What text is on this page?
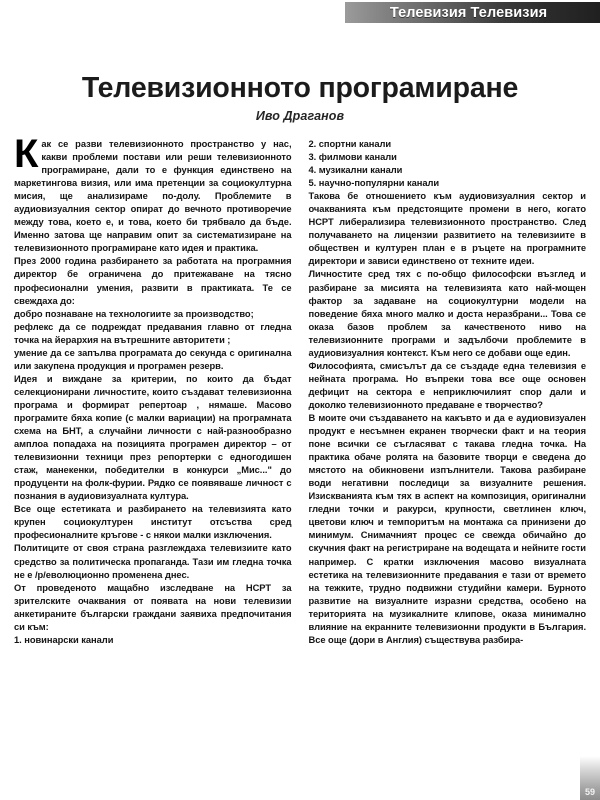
Телевизия Телевизия
Телевизионното програмиране
Иво Драганов

Как се разви телевизионното пространство у нас, какви проблеми постави или реши телевизионното програмиране, дали то е функция единствено на маркетингова визия, или има претенции за социокултурна мисия, ще анализираме по-долу. Проблемите в аудиовизуалния сектор опират до вечното противоречие между това, което е, и това, което би трябвало да бъде. Именно затова ще направим опит за систематизиране на телевизионното програмиране като идея и практика.

През 2000 година разбирането за работата на програмния директор бе ограничена до притежаване на тясно професионални умения, развити в практиката. Те се свеждаха до:

добро познаване на технологиите за производство;

рефлекс да се подреждат предавания главно от гледна точка на йерархия на вътрешните авторитети ;

умение да се запълва програмата до секунда с оригинална или закупена продукция и програмен резерв.

Идея и виждане за критерии, по които да бъдат селекционирани личностите, които създават телевизионна програма и формират репертоар , нямаше. Масово програмите бяха копие (с малки вариации) на програмната схема на БНТ, а случайни личности с най-разнообразно амплоа попадаха на позицията програмен директор – от телевизионни техници през репортерки с едногодишен стаж, манекенки, победителки в конкурси „Мис..." до продуценти на фолк-фурии. Рядко се появяваше личност с познания в аудиовизуалната култура.

Все още естетиката и разбирането на телевизията като крупен социокултурен институт отсъства сред професионалните кръгове - с някои малки изключения.

Политиците от своя страна разглеждаха телевизиите като средство за политическа пропаганда. Тази им гледна точка не е /р/еволюционно променена днес.

От проведеното мащабно изследване на НСРТ за зрителските очаквания от появата на нови телевизии анкетираните български граждани заявиха предпочитания си към:

1. новинарски канали

2. спортни канали

3. филмови канали

4. музикални канали

5. научно-популярни канали

Такова бе отношението към аудиовизуалния сектор и очакванията към предстоящите промени в него, когато НСРТ либерализира телевизионното пространство. След получаването на лицензии развитието на телевизиите в обществен и културен план е в ръцете на програмните директори и зависи единствено от техните идеи.

Личностите сред тях с по-общо философски възглед и разбиране за мисията на телевизията като най-мощен фактор за задаване на социокултурни модели на поведение бяха много малко и доста неразбрани... Това се оказа базов проблем за качественото ниво на телевизионните програми и задълбочи проблемите в аудиовизуалния контекст. Към него се добави още един.

Философията, смисълът да се създаде една телевизия е нейната програма. Но въпреки това все още основен дефицит на сектора е неприключилият спор дали и доколко телевизионното предаване е творчество?

В моите очи създаването на какъвто и да е аудиовизуален продукт е несъмнен екранен творчески факт и на теория поне всички се съгласяват с такава гледна точка. На практика обаче ролята на базовите творци е сведена до мястото на обикновени изпълнители. Такова разбиране води негативни последици за визуалните решения. Изискванията към тях в аспект на композиция, оригинални гледни точки и ракурси, крупности, светлинен ключ, цветови ключ и темпоритъм на монтажа са принизени до минимум. Снимачният процес се свежда обичайно до скучния факт на регистриране на водещата и нейните гости например. С кратки изключения масово визуалната естетика на телевизионните предавания е тази от времето на тежките, трудно подвижни студийни камери. Бурното развитие на визуалните изразни средства, особено на територията на музикалните клипове, оказа минимално влияние на екранните телевизионни продукти в България. Все още (дори в Англия) съществува разбира-

59
